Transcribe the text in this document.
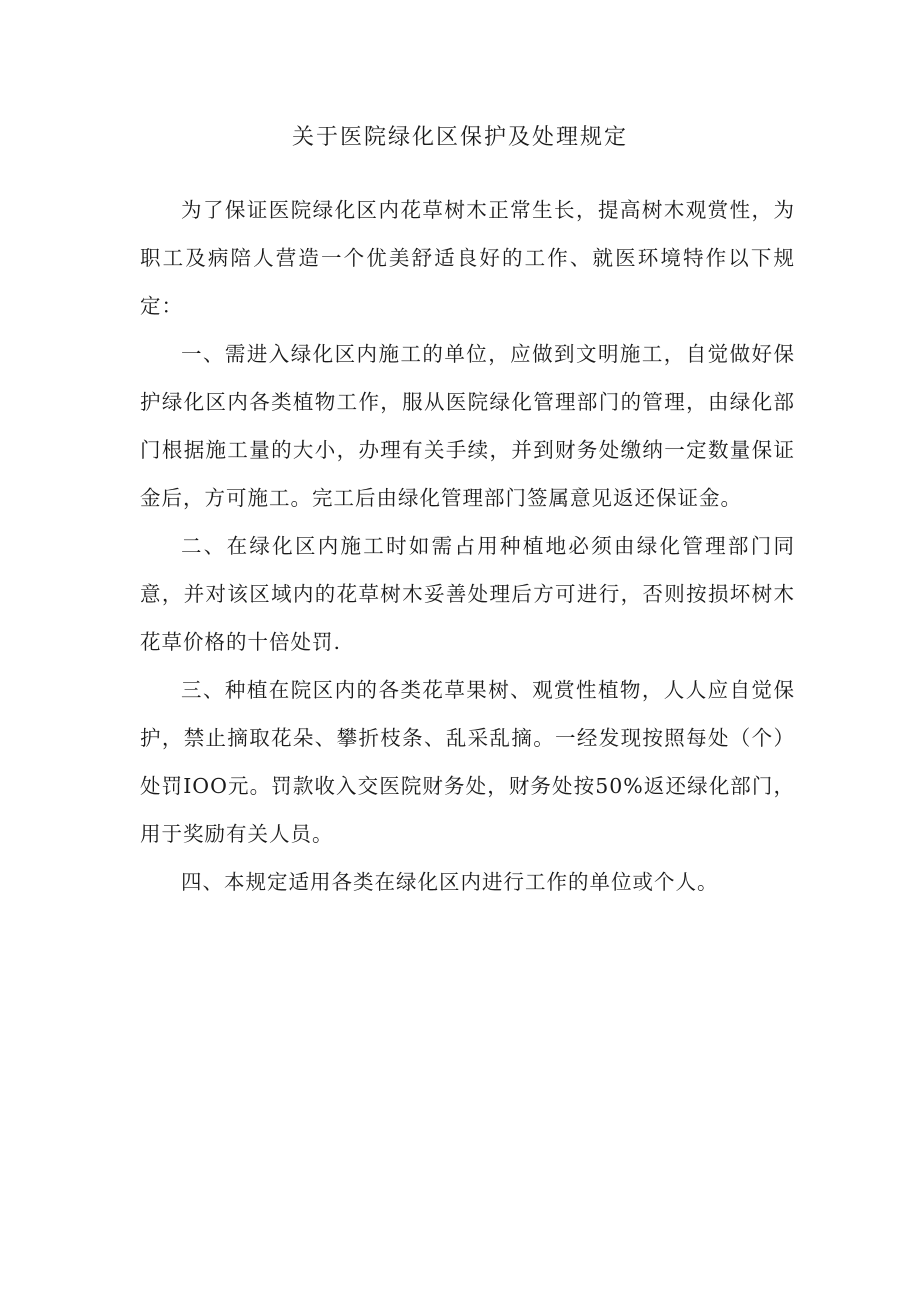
关于医院绿化区保护及处理规定

为了保证医院绿化区内花草树木正常生长，提高树木观赏性，为职工及病陪人营造一个优美舒适良好的工作、就医环境特作以下规定：

一、需进入绿化区内施工的单位，应做到文明施工，自觉做好保护绿化区内各类植物工作，服从医院绿化管理部门的管理，由绿化部门根据施工量的大小，办理有关手续，并到财务处缴纳一定数量保证金后，方可施工。完工后由绿化管理部门签属意见返还保证金。

二、在绿化区内施工时如需占用种植地必须由绿化管理部门同意，并对该区域内的花草树木妥善处理后方可进行，否则按损坏树木花草价格的十倍处罚.

三、种植在院区内的各类花草果树、观赏性植物，人人应自觉保护，禁止摘取花朵、攀折枝条、乱采乱摘。一经发现按照每处（个）处罚IOO元。罚款收入交医院财务处，财务处按50%返还绿化部门，用于奖励有关人员。

四、本规定适用各类在绿化区内进行工作的单位或个人。
